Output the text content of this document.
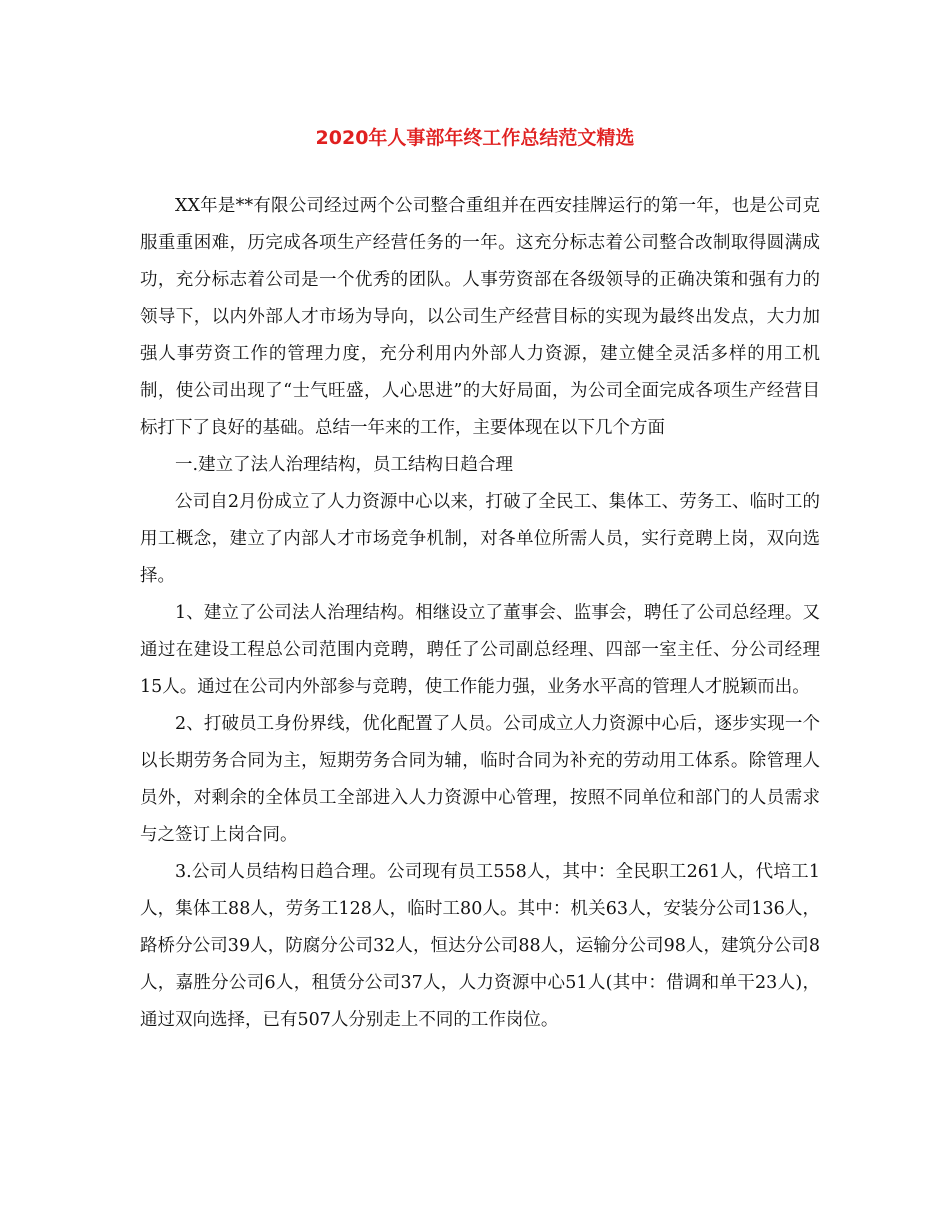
2020年人事部年终工作总结范文精选

XX年是**有限公司经过两个公司整合重组并在西安挂牌运行的第一年，也是公司克服重重困难，历完成各项生产经营任务的一年。这充分标志着公司整合改制取得圆满成功，充分标志着公司是一个优秀的团队。人事劳资部在各级领导的正确决策和强有力的领导下，以内外部人才市场为导向，以公司生产经营目标的实现为最终出发点，大力加强人事劳资工作的管理力度，充分利用内外部人力资源，建立健全灵活多样的用工机制，使公司出现了“士气旺盛，人心思进”的大好局面，为公司全面完成各项生产经营目标打下了良好的基础。总结一年来的工作，主要体现在以下几个方面

一.建立了法人治理结构，员工结构日趋合理

公司自2月份成立了人力资源中心以来，打破了全民工、集体工、劳务工、临时工的用工概念，建立了内部人才市场竞争机制，对各单位所需人员，实行竞聘上岗，双向选择。

1、建立了公司法人治理结构。相继设立了董事会、监事会，聘任了公司总经理。又通过在建设工程总公司范围内竞聘，聘任了公司副总经理、四部一室主任、分公司经理15人。通过在公司内外部参与竞聘，使工作能力强，业务水平高的管理人才脱颖而出。

2、打破员工身份界线，优化配置了人员。公司成立人力资源中心后，逐步实现一个以长期劳务合同为主，短期劳务合同为辅，临时合同为补充的劳动用工体系。除管理人员外，对剩余的全体员工全部进入人力资源中心管理，按照不同单位和部门的人员需求与之签订上岗合同。

3.公司人员结构日趋合理。公司现有员工558人，其中：全民职工261人，代培工1人，集体工88人，劳务工128人，临时工80人。其中：机关63人，安装分公司136人，路桥分公司39人，防腐分公司32人，恒达分公司88人，运输分公司98人，建筑分公司8人，嘉胜分公司6人，租赁分公司37人，人力资源中心51人(其中：借调和单干23人)，通过双向选择，已有507人分别走上不同的工作岗位。
